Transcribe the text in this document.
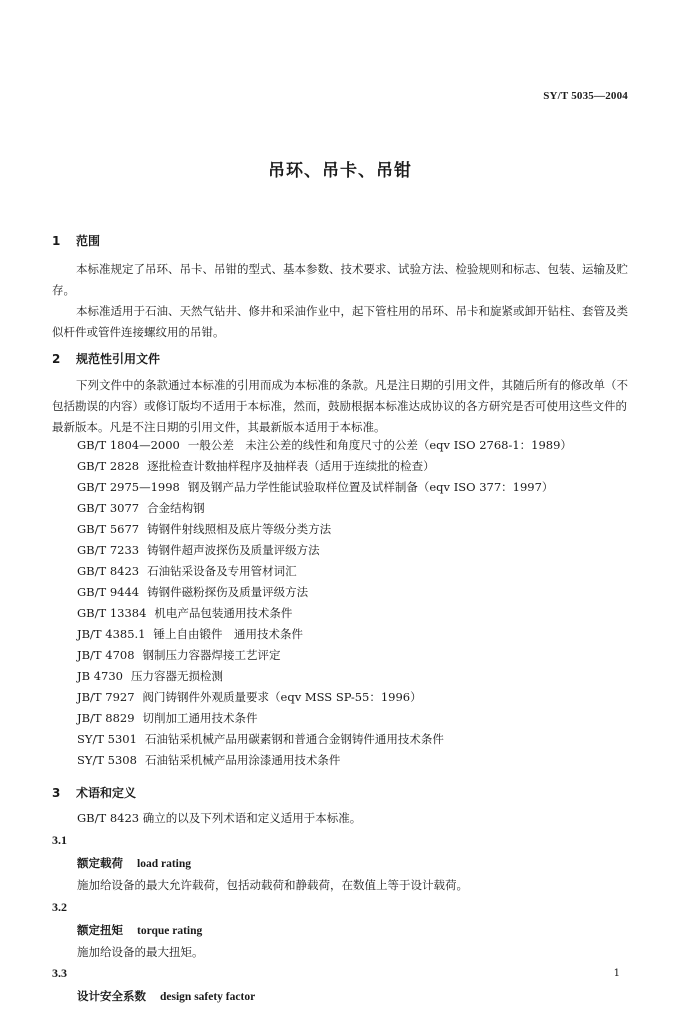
SY/T 5035—2004
吊环、吊卡、吊钳
1 范围
本标准规定了吊环、吊卡、吊钳的型式、基本参数、技术要求、试验方法、检验规则和标志、包装、运输及贮存。
本标准适用于石油、天然气钻井、修井和采油作业中，起下管柱用的吊环、吊卡和旋紧或卸开钻柱、套管及类似杆件或管件连接螺纹用的吊钳。
2 规范性引用文件
下列文件中的条款通过本标准的引用而成为本标准的条款。凡是注日期的引用文件，其随后所有的修改单（不包括勘误的内容）或修订版均不适用于本标准，然而，鼓励根据本标准达成协议的各方研究是否可使用这些文件的最新版本。凡是不注日期的引用文件，其最新版本适用于本标准。
GB/T 1804—2000 一般公差　未注公差的线性和角度尺寸的公差（eqv ISO 2768-1：1989）
GB/T 2828 逐批检查计数抽样程序及抽样表（适用于连续批的检查）
GB/T 2975—1998 钢及钢产品力学性能试验取样位置及试样制备（eqv ISO 377：1997）
GB/T 3077 合金结构钢
GB/T 5677 铸钢件射线照相及底片等级分类方法
GB/T 7233 铸钢件超声波探伤及质量评级方法
GB/T 8423 石油钻采设备及专用管材词汇
GB/T 9444 铸钢件磁粉探伤及质量评级方法
GB/T 13384 机电产品包装通用技术条件
JB/T 4385.1 锤上自由锻件　通用技术条件
JB/T 4708 钢制压力容器焊接工艺评定
JB 4730 压力容器无损检测
JB/T 7927 阀门铸钢件外观质量要求（eqv MSS SP-55：1996）
JB/T 8829 切削加工通用技术条件
SY/T 5301 石油钻采机械产品用碳素钢和普通合金钢铸件通用技术条件
SY/T 5308 石油钻采机械产品用涂漆通用技术条件
3 术语和定义
GB/T 8423 确立的以及下列术语和定义适用于本标准。
3.1
额定载荷 load rating
施加给设备的最大允许载荷，包括动载荷和静载荷，在数值上等于设计载荷。
3.2
额定扭矩 torque rating
施加给设备的最大扭矩。
3.3
设计安全系数 design safety factor
1
